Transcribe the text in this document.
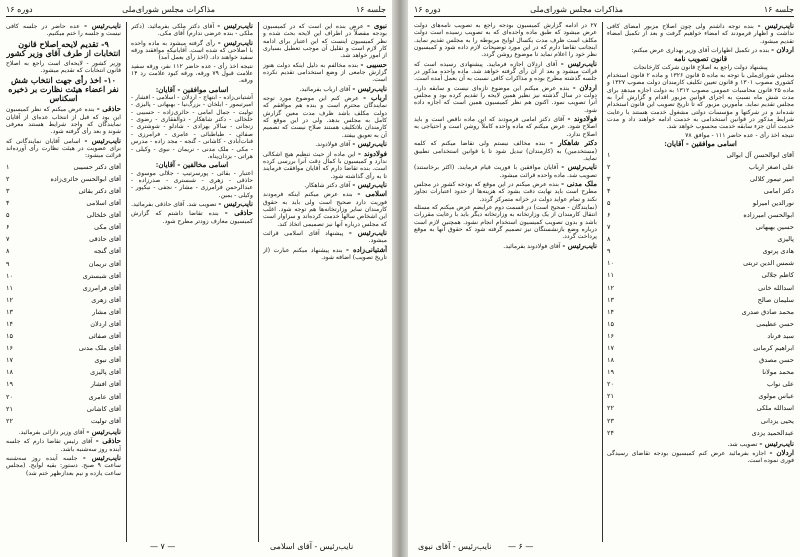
جلسه ۱۶
مذاکرات مجلس شورای‌ملی
دوره ۱۶

نایب‌رئیس - عده حاضر در جلسه کافی نیست و جلسه را ختم میکنیم.

۹- تقدیم لایحه اصلاح قانون انتخابات از طرف آقای وزیر کشور

وزیر کشور - لایحه‌ای است راجع به اصلاح قانون انتخابات که تقدیم میشود.

۱۰- اخذ رأی جهت انتخاب شش نفر اعضاء هیئت نظارت بر ذخیره اسکناس

حاذقی - بنده عرض میکنم که نظر کمیسیون این بود که قبل از انتخاب عده‌ای از آقایان نمایندگان که واجد شرایط هستند معرفی شوند و بعد رأی گرفته شود.

نایب‌رئیس - اسامی آقایان نمایندگانی که برای عضویت در هیئت نظارت رأی آورده‌اند قرائت میشود:

آقای دکتر حسیبی
۱
آقای ابوالحسن حائری‌زاده
۲
آقای دکتر بقائی
۳
آقای اسلامی
۴
آقای خلخالی
۵
آقای مکی
۶
آقای حاذقی
۷
آقای گنجه
۸
آقای نریمان
۹
آقای شبستری
۱۰
آقای فرامرزی
۱۱
آقای زهری
۱۲
آقای مشار
۱۳
آقای اردلان
۱۴
آقای صفائی
۱۵
آقای ملک مدنی
۱۶
آقای نبوی
۱۷
آقای پالیزی
۱۸
آقای افشار
۱۹
آقای عامری
۲۰
آقای کاشانی
۲۱
آقای تولیت
۲۲

نایب‌رئیس - آقای وزیر دارائی بفرمائید.

حاذقی - آقای رئیس تقاضا دارم که جلسه آینده روز سه‌شنبه باشد.

نایب‌رئیس - جلسه آینده روز سه‌شنبه ساعت ۹ صبح. دستور: بقیه لوایح. (مجلس ساعت یازده و نیم بعدازظهر ختم شد)

نایب‌رئیس - آقای دکتر ملکی بفرمائید. (دکتر ملکی - بنده عرضی ندارم) آقای مکی.

نایب‌رئیس - رأی گرفته میشود به ماده واحده با اصلاحی که شده است. آقایانیکه موافقند ورقه سفید خواهند داد. (اخذ رأی بعمل آمد)

نتیجه اخذ رأی - عده حاضر ۱۱۲ نفر، ورقه سفید علامت قبول ۷۹ ورقه، ورقه کبود علامت رد ۱۴ ورقه.

اسامی موافقین - آقایان:

آشتیانی‌زاده - ابتهاج - اردلان - اسلامی - افشار - امیرتیمور - ایلخان - بزرگ‌نیا - بهبهانی - پالیزی - تولیت - جمال امامی - حائری‌زاده - حسیبی - خلخالی - دکتر شاهکار - ذوالفقاری - رضوی - زنجانی - سالار بهزادی - شادلو - شوشتری - صفائی - طباطبائی - عامری - فرامرزی - قنات‌آبادی - کاشانی - گنجه - مجد زاده - مدرس - مکی - ملک مدنی - نریمان - نبوی - وکیلی - هراتی - یزدان‌پناه.

اسامی مخالفین - آقایان:

اعتبار - بقائی - پورسرتیپ - جلالی موسوی - حاذقی - زهری - شبستری - صدرزاده - عبدالرحمن فرامرزی - مشار - نجفی - نیکپور - وکیلی - یمین.

نایب‌رئیس - تصویب شد. آقای حاذقی بفرمائید.

حاذقی - بنده تقاضا داشتم که گزارش کمیسیون معارف زودتر مطرح شود.

نبوی - عرض بنده این است که در کمیسیون بودجه مفصلاً در اطراف این لایحه بحث شده و نظر کمیسیون اینست که این اعتبار برای ادامه کار لازم است و تقلیل آن موجب تعطیل بسیاری از امور خواهد شد.

حسیبی - بنده مخالفم به دلیل اینکه دولت هنوز گزارش جامعی از وضع استخدامی تقدیم نکرده است.

نایب‌رئیس - آقای ارباب بفرمائید.

ارباب - عرض کنم این موضوع مورد توجه نمایندگان محترم است و بنده هم موافقم که دولت مکلف باشد ظرف مدت معین گزارش کامل به مجلس بدهد. ولی در این موقع که کارمندان بلاتکلیف هستند صلاح نیست که تصمیم آن به تعویق بیفتد.

نایب‌رئیس - آقای فولادوند.

فولادوند - این ماده از حیث تنظیم هیچ اشکالی ندارد و کمیسیون با کمال دقت آنرا بررسی کرده است. بنده تقاضا دارم که آقایان موافقت فرمایند تا به رأی گذاشته شود.

نایب‌رئیس - آقای دکتر شاهکار.

اسلامی - بنده عرض میکنم اینکه فرمودند فوریت دارد صحیح است ولی باید به حقوق کارمندان سایر وزارتخانه‌ها هم توجه شود. اغلب این اشخاص سالها خدمت کرده‌اند و سزاوار است که مجلس درباره آنها نیز تصمیمی اتخاذ کند.

نایب‌رئیس - پیشنهاد آقای اسلامی قرائت میشود.

آشتیانی‌زاده - بنده پیشنهاد میکنم عبارت (از تاریخ تصویب) اضافه شود.

— ۷ —	نایب‌رئیس - آقای اسلامی
جلسه ۱۶
مذاکرات مجلس شورای‌ملی
دوره ۱۶

۲۷ در ادامه گزارش کمیسیون بودجه راجع به تصویب نامه‌های دولت عرض میشود که طبق ماده واحده‌ای که به تصویب رسیده است دولت مکلف است ظرف مدت یکسال لوایح مربوطه را به مجلس تقدیم نماید. اینجانب تقاضا دارم که در این مورد توضیحات لازم داده شود و کمیسیون نظر خود را اعلام نماید تا موضوع روشن گردد.

نایب‌رئیس - آقای اردلان اجازه فرمایید. پیشنهادی رسیده است که قرائت میشود و بعد از آن رأی گرفته خواهد شد. ماده واحده مذکور در جلسه گذشته مطرح بوده و مذاکرات کافی نسبت به آن بعمل آمده است.

اردلان - بنده عرض میکنم این موضوع تازه‌ای نیست و سابقه دارد. دولت در سال گذشته نیز نظیر همین لایحه را تقدیم کرده بود و مجلس آنرا تصویب نمود. اکنون هم نظر کمیسیون همین است که اجازه داده شود.

فولادوند - آقای دکتر امامی فرمودند که این ماده ناقص است و باید اصلاح شود. عرض میکنم که ماده واحده کاملاً روشن است و احتیاجی به اصلاح ندارد.

دکتر شاهکار - بنده مخالف نیستم ولی تقاضا میکنم که کلمه (مستخدمین) به (کارمندان) تبدیل شود تا با قوانین استخدامی تطبیق نماید.

نایب‌رئیس - آقایان موافقین با فوریت قیام فرمایند. (اکثر برخاستند) تصویب شد. ماده واحده قرائت میشود.

ملک مدنی - بنده عرض میکنم در این موقع که بودجه کشور در مجلس مطرح است باید نهایت دقت بشود که هزینه‌ها از حدود اعتبارات تجاوز نکند و تمام عواید دولت در خزانه متمرکز گردد.

(نمایندگان - صحیح است) در قسمت دوم عرایضم عرض میکنم که مسئله انتقال کارمندان از یک وزارتخانه به وزارتخانه دیگر باید با رعایت مقررات باشد و بدون تصویب کمیسیون استخدام انجام نشود. همچنین لازم است درباره وضع بازنشستگان نیز تصمیم گرفته شود که حقوق آنها به موقع پرداخت گردد.

نایب‌رئیس - آقای فولادوند بفرمائید.

نایب‌رئیس - بنده توجه داشتم ولی چون اصلاح مزبور امضای کافی نداشت و اظهار فرمودند که امضاء خواهیم گرفت و بعد از تکمیل امضاء تقدیم میشود.

اردلان - بنده در تکمیل اظهارات آقای وزیر بهداری عرض میکنم:

قانون تصویب نامه

پیشنهاد دولت راجع به اصلاح قانون شرکت کارخانجات

مجلس شورای‌ملی با توجه به ماده ۵ قانون ۱۳۲۶ و ماده ۲ قانون استخدام کشوری مصوب ۱۳۰۱ و قانون تعیین تکلیف کارمندان دولت مصوب ۱۳۲۷ و ماده ۲۵ قانون محاسبات عمومی مصوب ۱۳۱۲ به دولت اجازه میدهد برای مدت شش ماه نسبت به اجرای قوانین مزبور اقدام و گزارش آنرا به مجلس تقدیم نماید. مأمورین مزبور که تا تاریخ تصویب این قانون استخدام شده‌اند و در شرکتها و مؤسسات دولتی مشغول خدمت هستند با رعایت شرایط مذکور در قوانین استخدامی به خدمت ادامه خواهند داد و مدت خدمت آنان جزء سابقه خدمت محسوب خواهد شد.

نتیجه اخذ رأی - عده حاضر ۱۱۱ - موافق ۷۸

اسامی موافقین - آقایان:

آقای ابوالحسن آل ابوالی
۱
علی اصغر ارباب
۲
امیر تیمور کلالی
۳
دکتر امامی
۴
نورالدین امیرلو
۵
ابوالحسن امیرزاده
۶
حسین بهبهانی
۷
پالیزی
۸
هادی پرتوی
۹
شمس الدین تربتی
۱۰
کاظم جلالی
۱۱
اسدالله خانی
۱۲
سلیمان صالح
۱۳
محمد صادق صدری
۱۴
حسن عظیمی
۱۵
سید فرناد
۱۶
ابراهیم کرمانی
۱۷
حسن مصدق
۱۸
محمد مولانا
۱۹
علی نواب
۲۰
عباس مولوی
۲۱
اسدالله ملکی
۲۲
یحیی یزدانی
۲۳
عبدالحمید یزدی
۲۴

نایب‌رئیس - تصویب شد.

اردلان - اجازه بفرمائید عرض کنم کمیسیون بودجه تقاضای رسیدگی فوری نموده است.

— ۶ —
نایب‌رئیس - آقای نبوی
